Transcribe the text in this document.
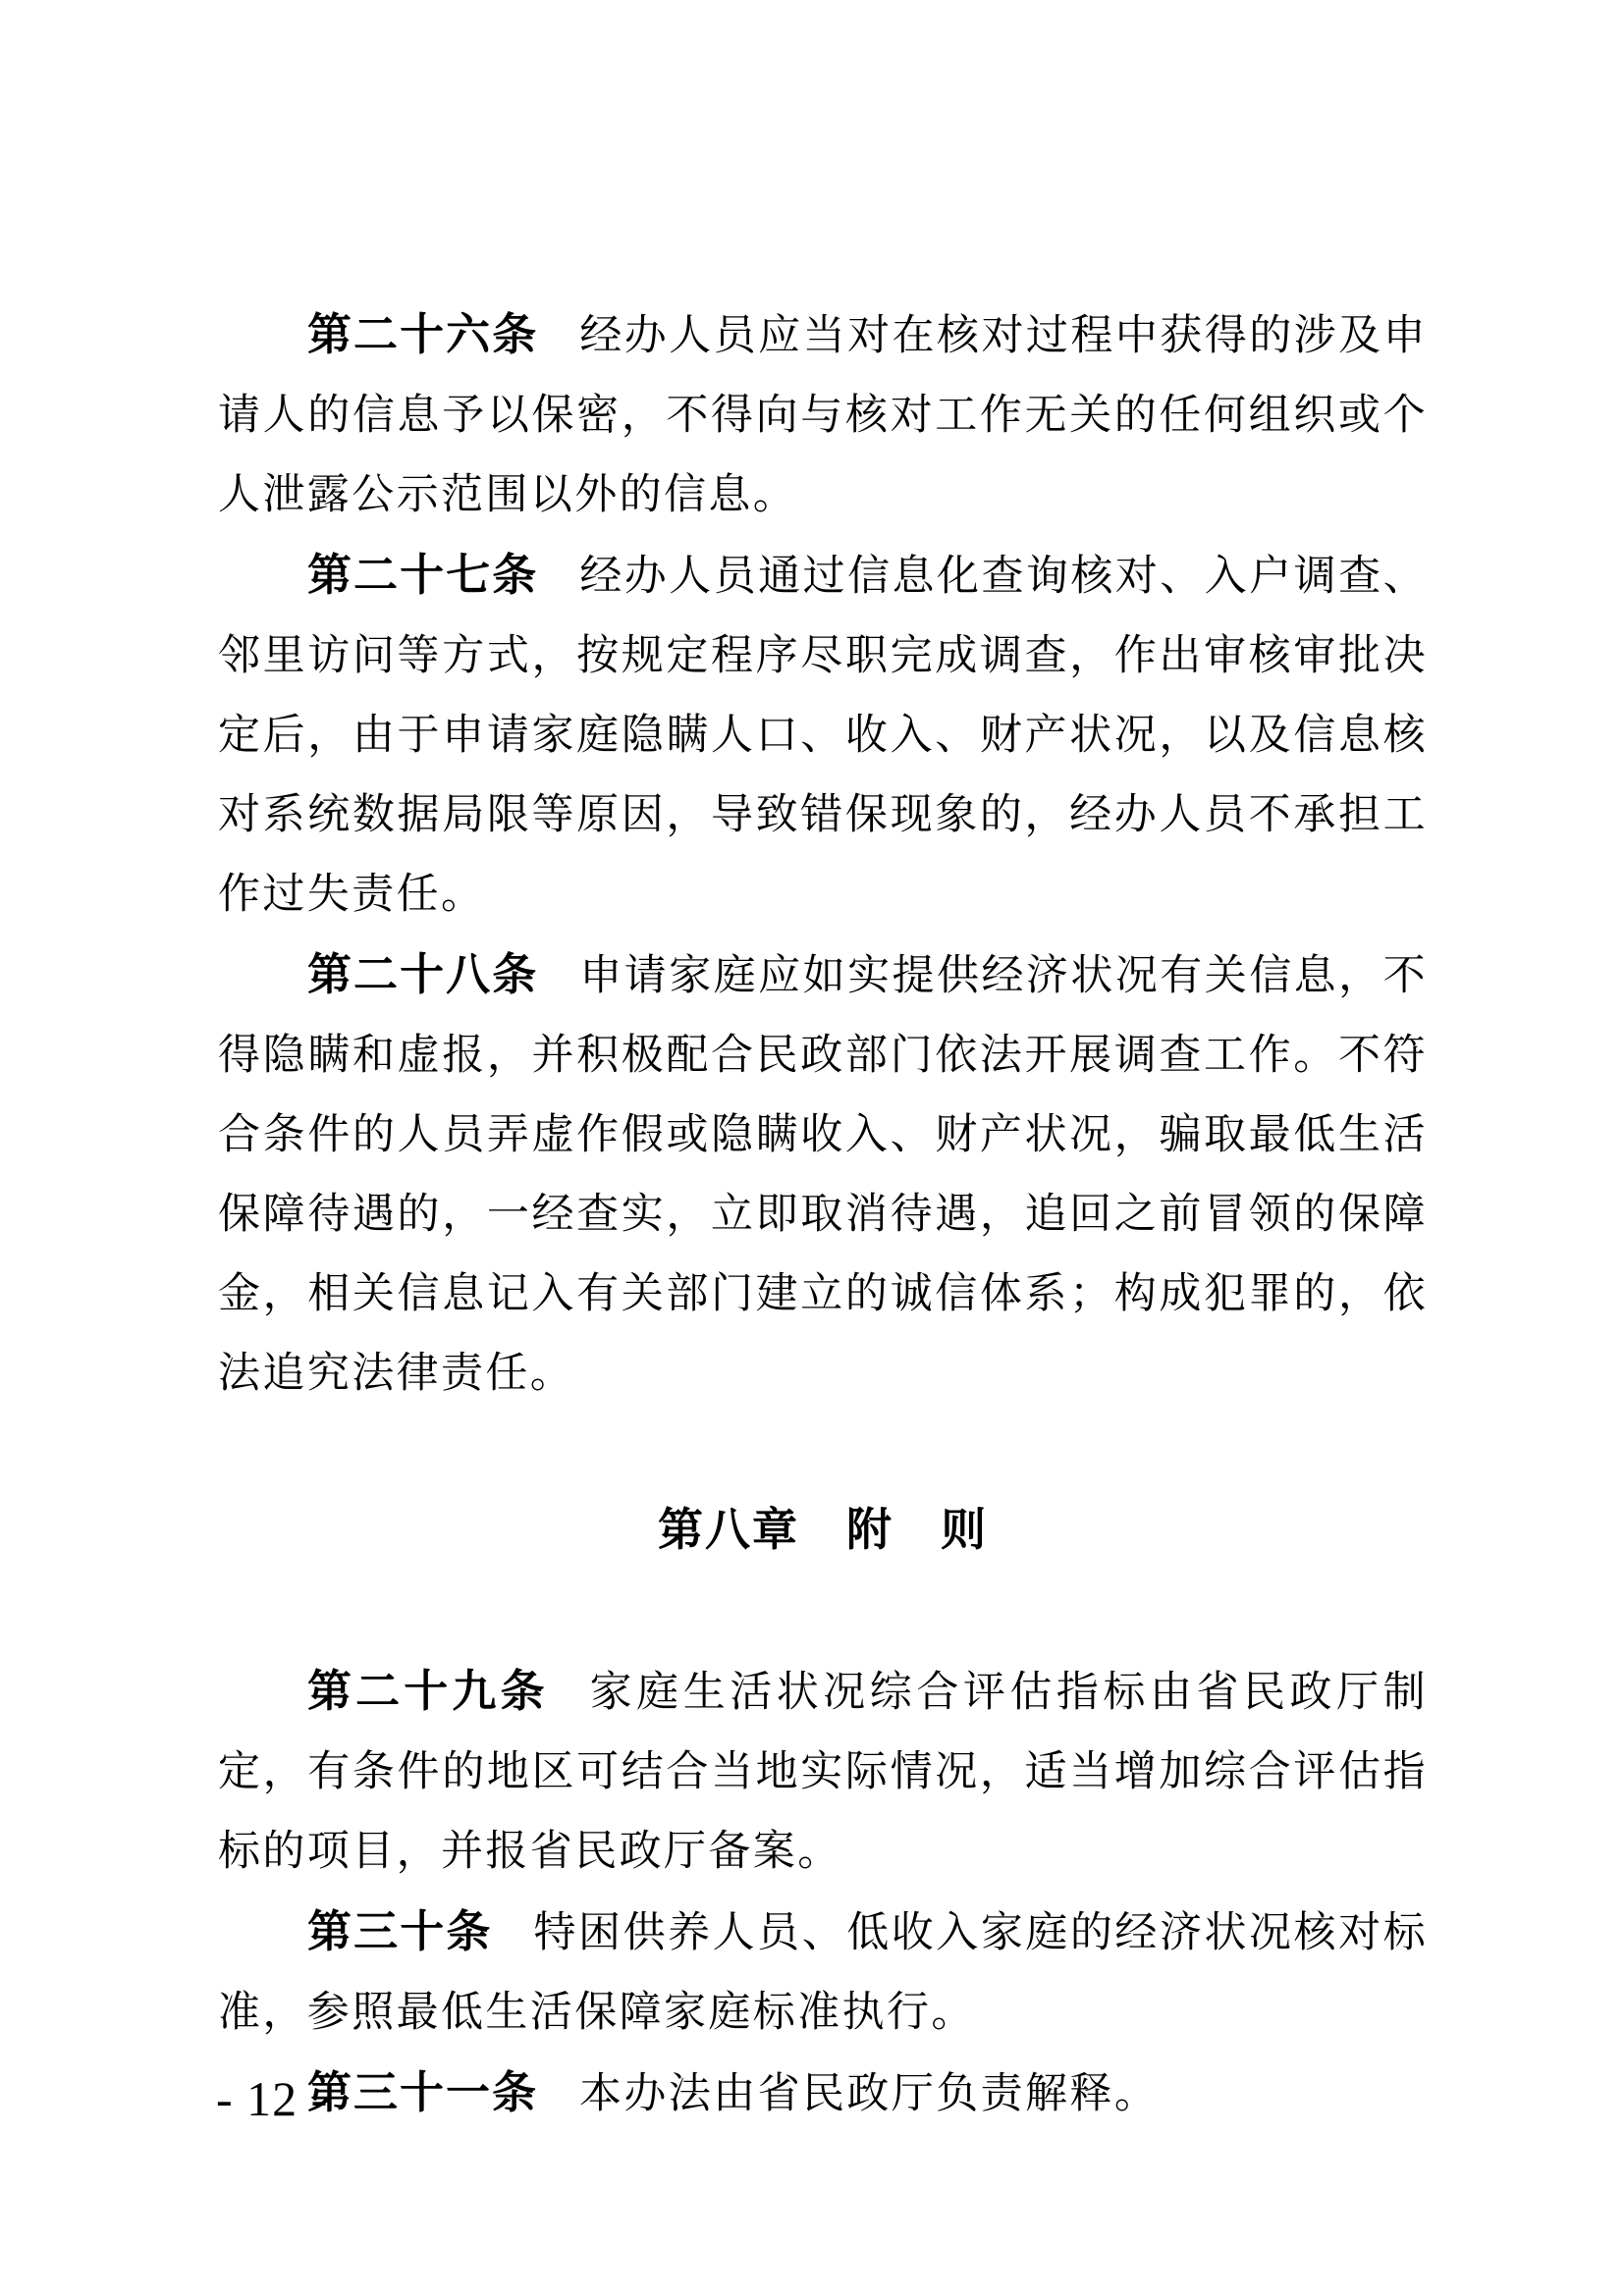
第二十六条 经办人员应当对在核对过程中获得的涉及申请人的信息予以保密，不得向与核对工作无关的任何组织或个人泄露公示范围以外的信息。

第二十七条 经办人员通过信息化查询核对、入户调查、邻里访问等方式，按规定程序尽职完成调查，作出审核审批决定后，由于申请家庭隐瞒人口、收入、财产状况，以及信息核对系统数据局限等原因，导致错保现象的，经办人员不承担工作过失责任。

第二十八条 申请家庭应如实提供经济状况有关信息，不得隐瞒和虚报，并积极配合民政部门依法开展调查工作。不符合条件的人员弄虚作假或隐瞒收入、财产状况，骗取最低生活保障待遇的，一经查实，立即取消待遇，追回之前冒领的保障金，相关信息记入有关部门建立的诚信体系；构成犯罪的，依法追究法律责任。

第八章　附　则

第二十九条 家庭生活状况综合评估指标由省民政厅制定，有条件的地区可结合当地实际情况，适当增加综合评估指标的项目，并报省民政厅备案。

第三十条 特困供养人员、低收入家庭的经济状况核对标准，参照最低生活保障家庭标准执行。

第三十一条 本办法由省民政厅负责解释。

- 12 -
